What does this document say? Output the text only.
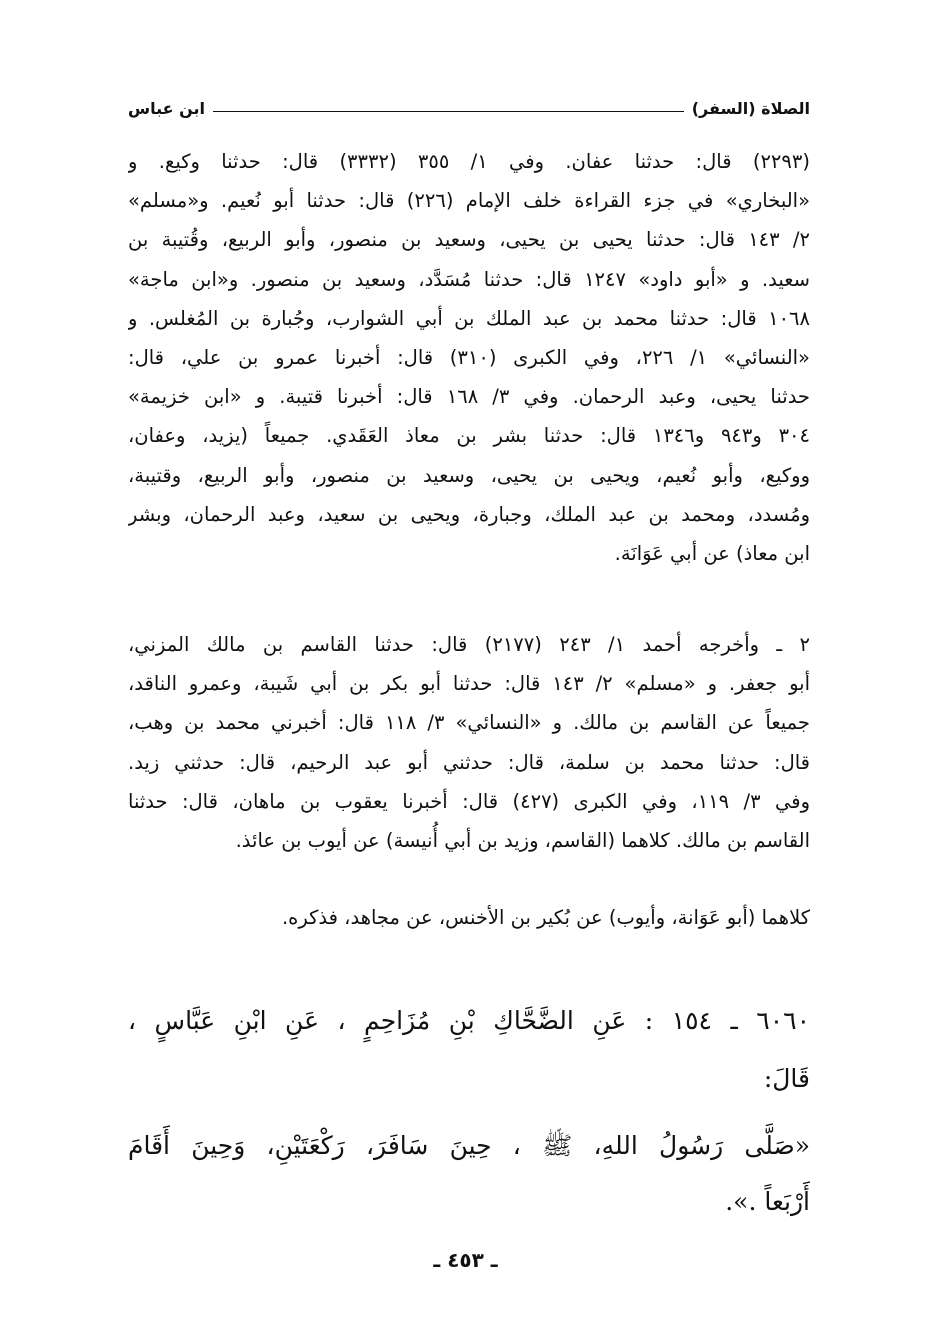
الصلاة (السفر)
ابن عباس
(٢٢٩٣) قال: حدثنا عفان. وفي ١/ ٣٥٥ (٣٣٣٢) قال: حدثنا وكيع. و
«البخاري» في جزء القراءة خلف الإمام (٢٢٦) قال: حدثنا أبو نُعيم. و«مسلم»
٢/ ١٤٣ قال: حدثنا يحيى بن يحيى، وسعيد بن منصور، وأبو الربيع، وقُتيبة بن
سعيد. و «أبو داود» ١٢٤٧ قال: حدثنا مُسَدَّد، وسعيد بن منصور. و«ابن ماجة»
١٠٦٨ قال: حدثنا محمد بن عبد الملك بن أبي الشوارب، وجُبارة بن المُغلس. و
«النسائي» ١/ ٢٢٦، وفي الكبرى (٣١٠) قال: أخبرنا عمرو بن علي، قال:
حدثنا يحيى، وعبد الرحمان. وفي ٣/ ١٦٨ قال: أخبرنا قتيبة. و «ابن خزيمة»
٣٠٤ و٩٤٣ و١٣٤٦ قال: حدثنا بشر بن معاذ العَقَدي. جميعاً (يزيد، وعفان،
ووكيع، وأبو نُعيم، ويحيى بن يحيى، وسعيد بن منصور، وأبو الربيع، وقتيبة،
ومُسدد، ومحمد بن عبد الملك، وجبارة، ويحيى بن سعيد، وعبد الرحمان، وبشر
ابن معاذ) عن أبي عَوَانَة.
٢ ـ وأخرجه أحمد ١/ ٢٤٣ (٢١٧٧) قال: حدثنا القاسم بن مالك المزني،
أبو جعفر. و «مسلم» ٢/ ١٤٣ قال: حدثنا أبو بكر بن أبي شَيبة، وعمرو الناقد،
جميعاً عن القاسم بن مالك. و «النسائي» ٣/ ١١٨ قال: أخبرني محمد بن وهب،
قال: حدثنا محمد بن سلمة، قال: حدثني أبو عبد الرحيم، قال: حدثني زيد.
وفي ٣/ ١١٩، وفي الكبرى (٤٢٧) قال: أخبرنا يعقوب بن ماهان، قال: حدثنا
القاسم بن مالك. كلاهما (القاسم، وزيد بن أبي أُنيسة) عن أيوب بن عائذ.
كلاهما (أبو عَوَانة، وأيوب) عن بُكير بن الأخنس، عن مجاهد، فذكره.
٦٠٦٠ ـ ١٥٤ : عَنِ الضَّحَّاكِ بْنِ مُزَاحِمٍ ، عَنِ ابْنِ عَبَّاسٍ ،
قَالَ:
«صَلَّى رَسُولُ اللهِ، ﷺ ، حِينَ سَافَرَ، رَكْعَتَيْنِ، وَحِينَ أَقَامَ
أَرْبَعاً .».
ـ ٤٥٣ ـ
